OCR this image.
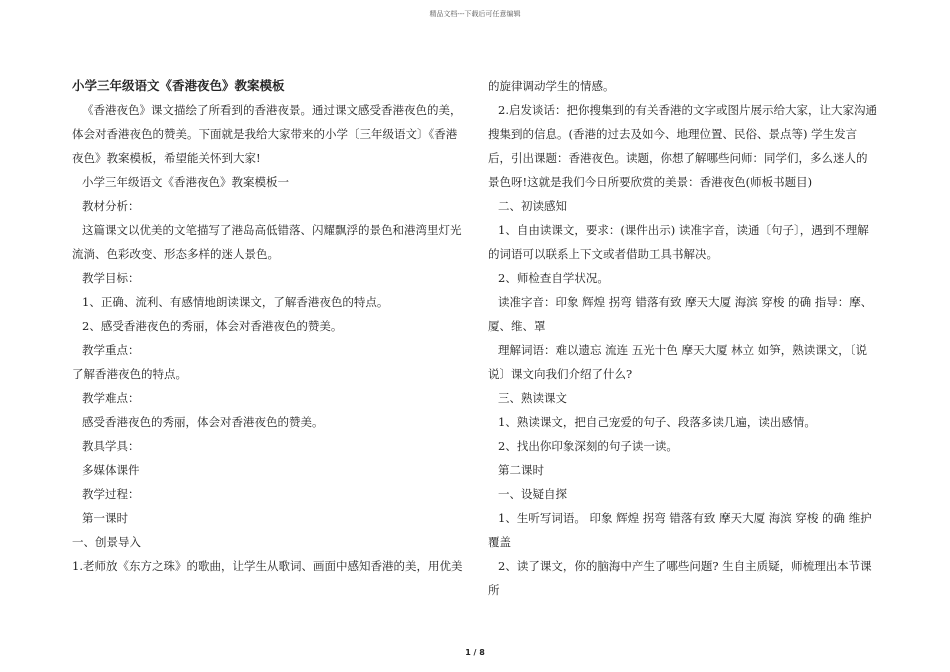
精品文档---下载后可任意编辑

小学三年级语文《香港夜色》教案模板

《香港夜色》课文描绘了所看到的香港夜景。通过课文感受香港夜色的美，体会对香港夜色的赞美。下面就是我给大家带来的小学〔三年级语文〕《香港夜色》教案模板，希望能关怀到大家!

小学三年级语文《香港夜色》教案模板一

教材分析：

这篇课文以优美的文笔描写了港岛高低错落、闪耀飘浮的景色和港湾里灯光流淌、色彩改变、形态多样的迷人景色。

教学目标：

1、正确、流利、有感情地朗读课文，了解香港夜色的特点。

2、感受香港夜色的秀丽，体会对香港夜色的赞美。

教学重点：

了解香港夜色的特点。

教学难点：

感受香港夜色的秀丽，体会对香港夜色的赞美。

教具学具：

多媒体课件

教学过程：

第一课时

一、创景导入

1.老师放《东方之珠》的歌曲，让学生从歌词、画面中感知香港的美，用优美

的旋律调动学生的情感。

2.启发谈话：把你搜集到的有关香港的文字或图片展示给大家，让大家沟通搜集到的信息。(香港的过去及如今、地理位置、民俗、景点等) 学生发言后，引出课题：香港夜色。读题，你想了解哪些问师：同学们，多么迷人的景色呀!这就是我们今日所要欣赏的美景：香港夜色(师板书题目)

二、初读感知

1、自由读课文，要求：(课件出示) 读准字音，读通〔句子〕，遇到不理解的词语可以联系上下文或者借助工具书解决。

2、师检查自学状况。

读准字音：印象 辉煌 拐弯 错落有致 摩天大厦 海滨 穿梭 的确 指导：摩、厦、维、罩

理解词语：难以遗忘 流连 五光十色 摩天大厦 林立 如笋，熟读课文，〔说说〕课文向我们介绍了什么?

三、熟读课文

1、熟读课文，把自己宠爱的句子、段落多读几遍，读出感情。

2、找出你印象深刻的句子读一读。

第二课时

一、设疑自探

1、生听写词语。 印象 辉煌 拐弯 错落有致 摩天大厦 海滨 穿梭 的确 维护 覆盖

2、读了课文，你的脑海中产生了哪些问题? 生自主质疑，师梳理出本节课所

1 / 8
